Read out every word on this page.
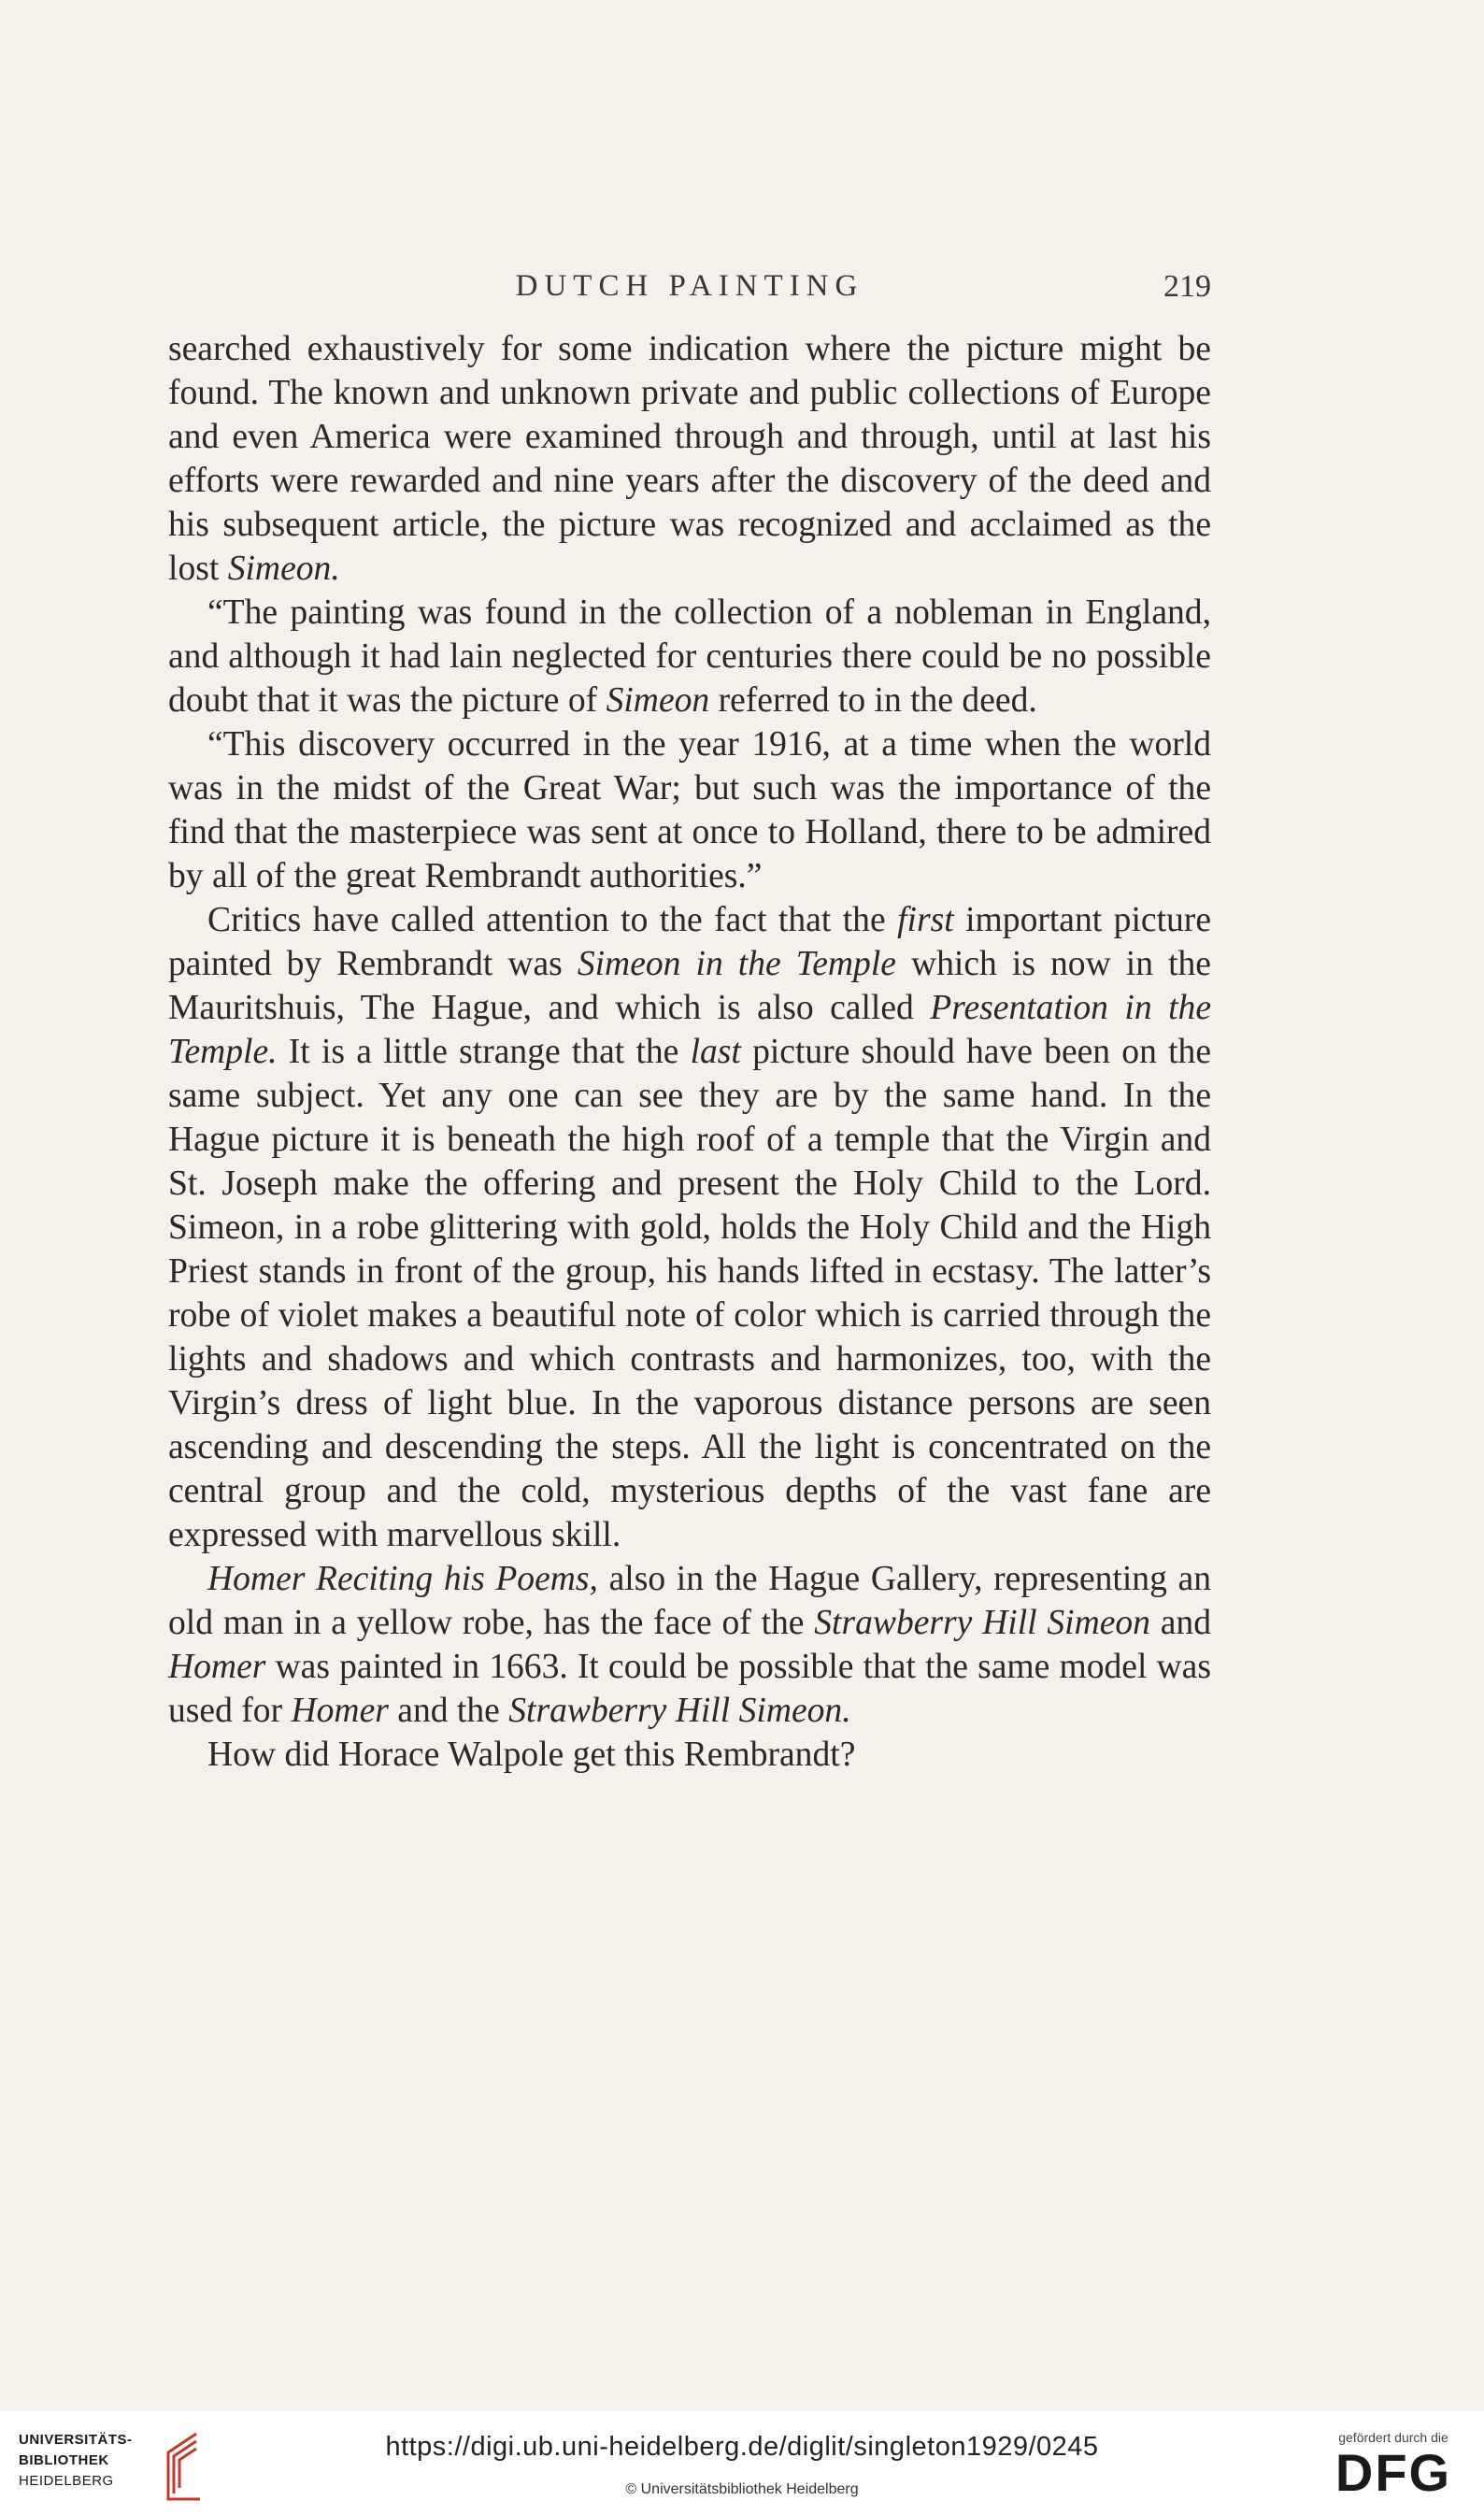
DUTCH PAINTING	219

searched exhaustively for some indication where the picture might be found. The known and unknown private and public collections of Europe and even America were examined through and through, until at last his efforts were rewarded and nine years after the discovery of the deed and his subsequent article, the picture was recognized and acclaimed as the lost Simeon.

“The painting was found in the collection of a nobleman in England, and although it had lain neglected for centuries there could be no possible doubt that it was the picture of Simeon referred to in the deed.

“This discovery occurred in the year 1916, at a time when the world was in the midst of the Great War; but such was the importance of the find that the masterpiece was sent at once to Holland, there to be admired by all of the great Rembrandt authorities.”

Critics have called attention to the fact that the first important picture painted by Rembrandt was Simeon in the Temple which is now in the Mauritshuis, The Hague, and which is also called Presentation in the Temple. It is a little strange that the last picture should have been on the same subject. Yet any one can see they are by the same hand. In the Hague picture it is beneath the high roof of a temple that the Virgin and St. Joseph make the offering and present the Holy Child to the Lord. Simeon, in a robe glittering with gold, holds the Holy Child and the High Priest stands in front of the group, his hands lifted in ecstasy. The latter’s robe of violet makes a beautiful note of color which is carried through the lights and shadows and which contrasts and harmonizes, too, with the Virgin’s dress of light blue. In the vaporous distance persons are seen ascending and descending the steps. All the light is concentrated on the central group and the cold, mysterious depths of the vast fane are expressed with marvellous skill.

Homer Reciting his Poems, also in the Hague Gallery, representing an old man in a yellow robe, has the face of the Strawberry Hill Simeon and Homer was painted in 1663. It could be possible that the same model was used for Homer and the Strawberry Hill Simeon.

How did Horace Walpole get this Rembrandt?

UNIVERSITÄTS-
BIBLIOTHEK
HEIDELBERG
https://digi.ub.uni-heidelberg.de/diglit/singleton1929/0245
© Universitätsbibliothek Heidelberg
gefördert durch die
DFG
